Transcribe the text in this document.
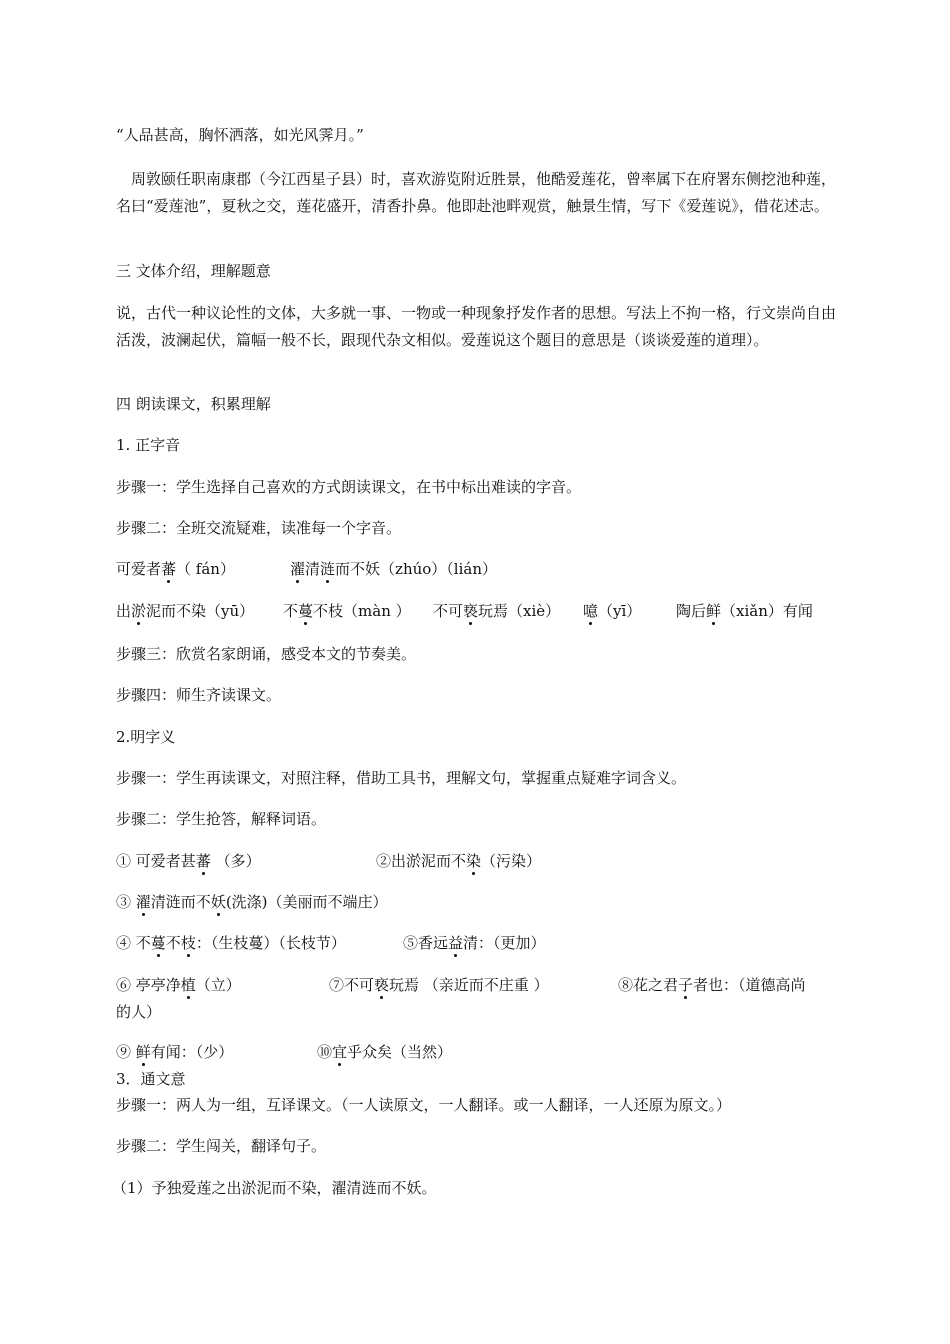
“人品甚高，胸怀洒落，如光风霁月。”
周敦颐任职南康郡（今江西星子县）时，喜欢游览附近胜景，他酷爱莲花，曾率属下在府署东侧挖池种莲，名曰“爱莲池”，夏秋之交，莲花盛开，清香扑鼻。他即赴池畔观赏，触景生情，写下《爱莲说》，借花述志。
三 文体介绍，理解题意
说，古代一种议论性的文体，大多就一事、一物或一种现象抒发作者的思想。写法上不拘一格，行文崇尚自由活泼，波澜起伏，篇幅一般不长，跟现代杂文相似。爱莲说这个题目的意思是（谈谈爱莲的道理）。
四 朗读课文，积累理解
1. 正字音
步骤一：学生选择自己喜欢的方式朗读课文，在书中标出难读的字音。
步骤二：全班交流疑难，读准每一个字音。
可爱者蕃（ fán）	濯清涟而不妖（zhúo）（lián）
出淤泥而不染（yū） 不蔓不枝（màn ） 不可亵玩焉（xiè） 噫（yī） 陶后鲜（xiǎn）有闻
步骤三：欣赏名家朗诵，感受本文的节奏美。
步骤四：师生齐读课文。
2.明字义
步骤一：学生再读课文，对照注释，借助工具书，理解文句，掌握重点疑难字词含义。
步骤二：学生抢答，解释词语。
① 可爱者甚蕃 （多）	②出淤泥而不染（污染）
③ 濯清涟而不妖(洗涤)（美丽而不端庄）
④ 不蔓不枝：（生枝蔓）（长枝节）	⑤香远益清：（更加）
⑥ 亭亭净植（立）	⑦不可亵玩焉 （亲近而不庄重 ）	⑧花之君子者也：（道德高尚
的人）
⑨ 鲜有闻：（少）	⑩宜乎众矣（当然）
3．通文意
步骤一：两人为一组，互译课文。（一人读原文，一人翻译。或一人翻译，一人还原为原文。）
步骤二：学生闯关，翻译句子。
（1）予独爱莲之出淤泥而不染，濯清涟而不妖。
